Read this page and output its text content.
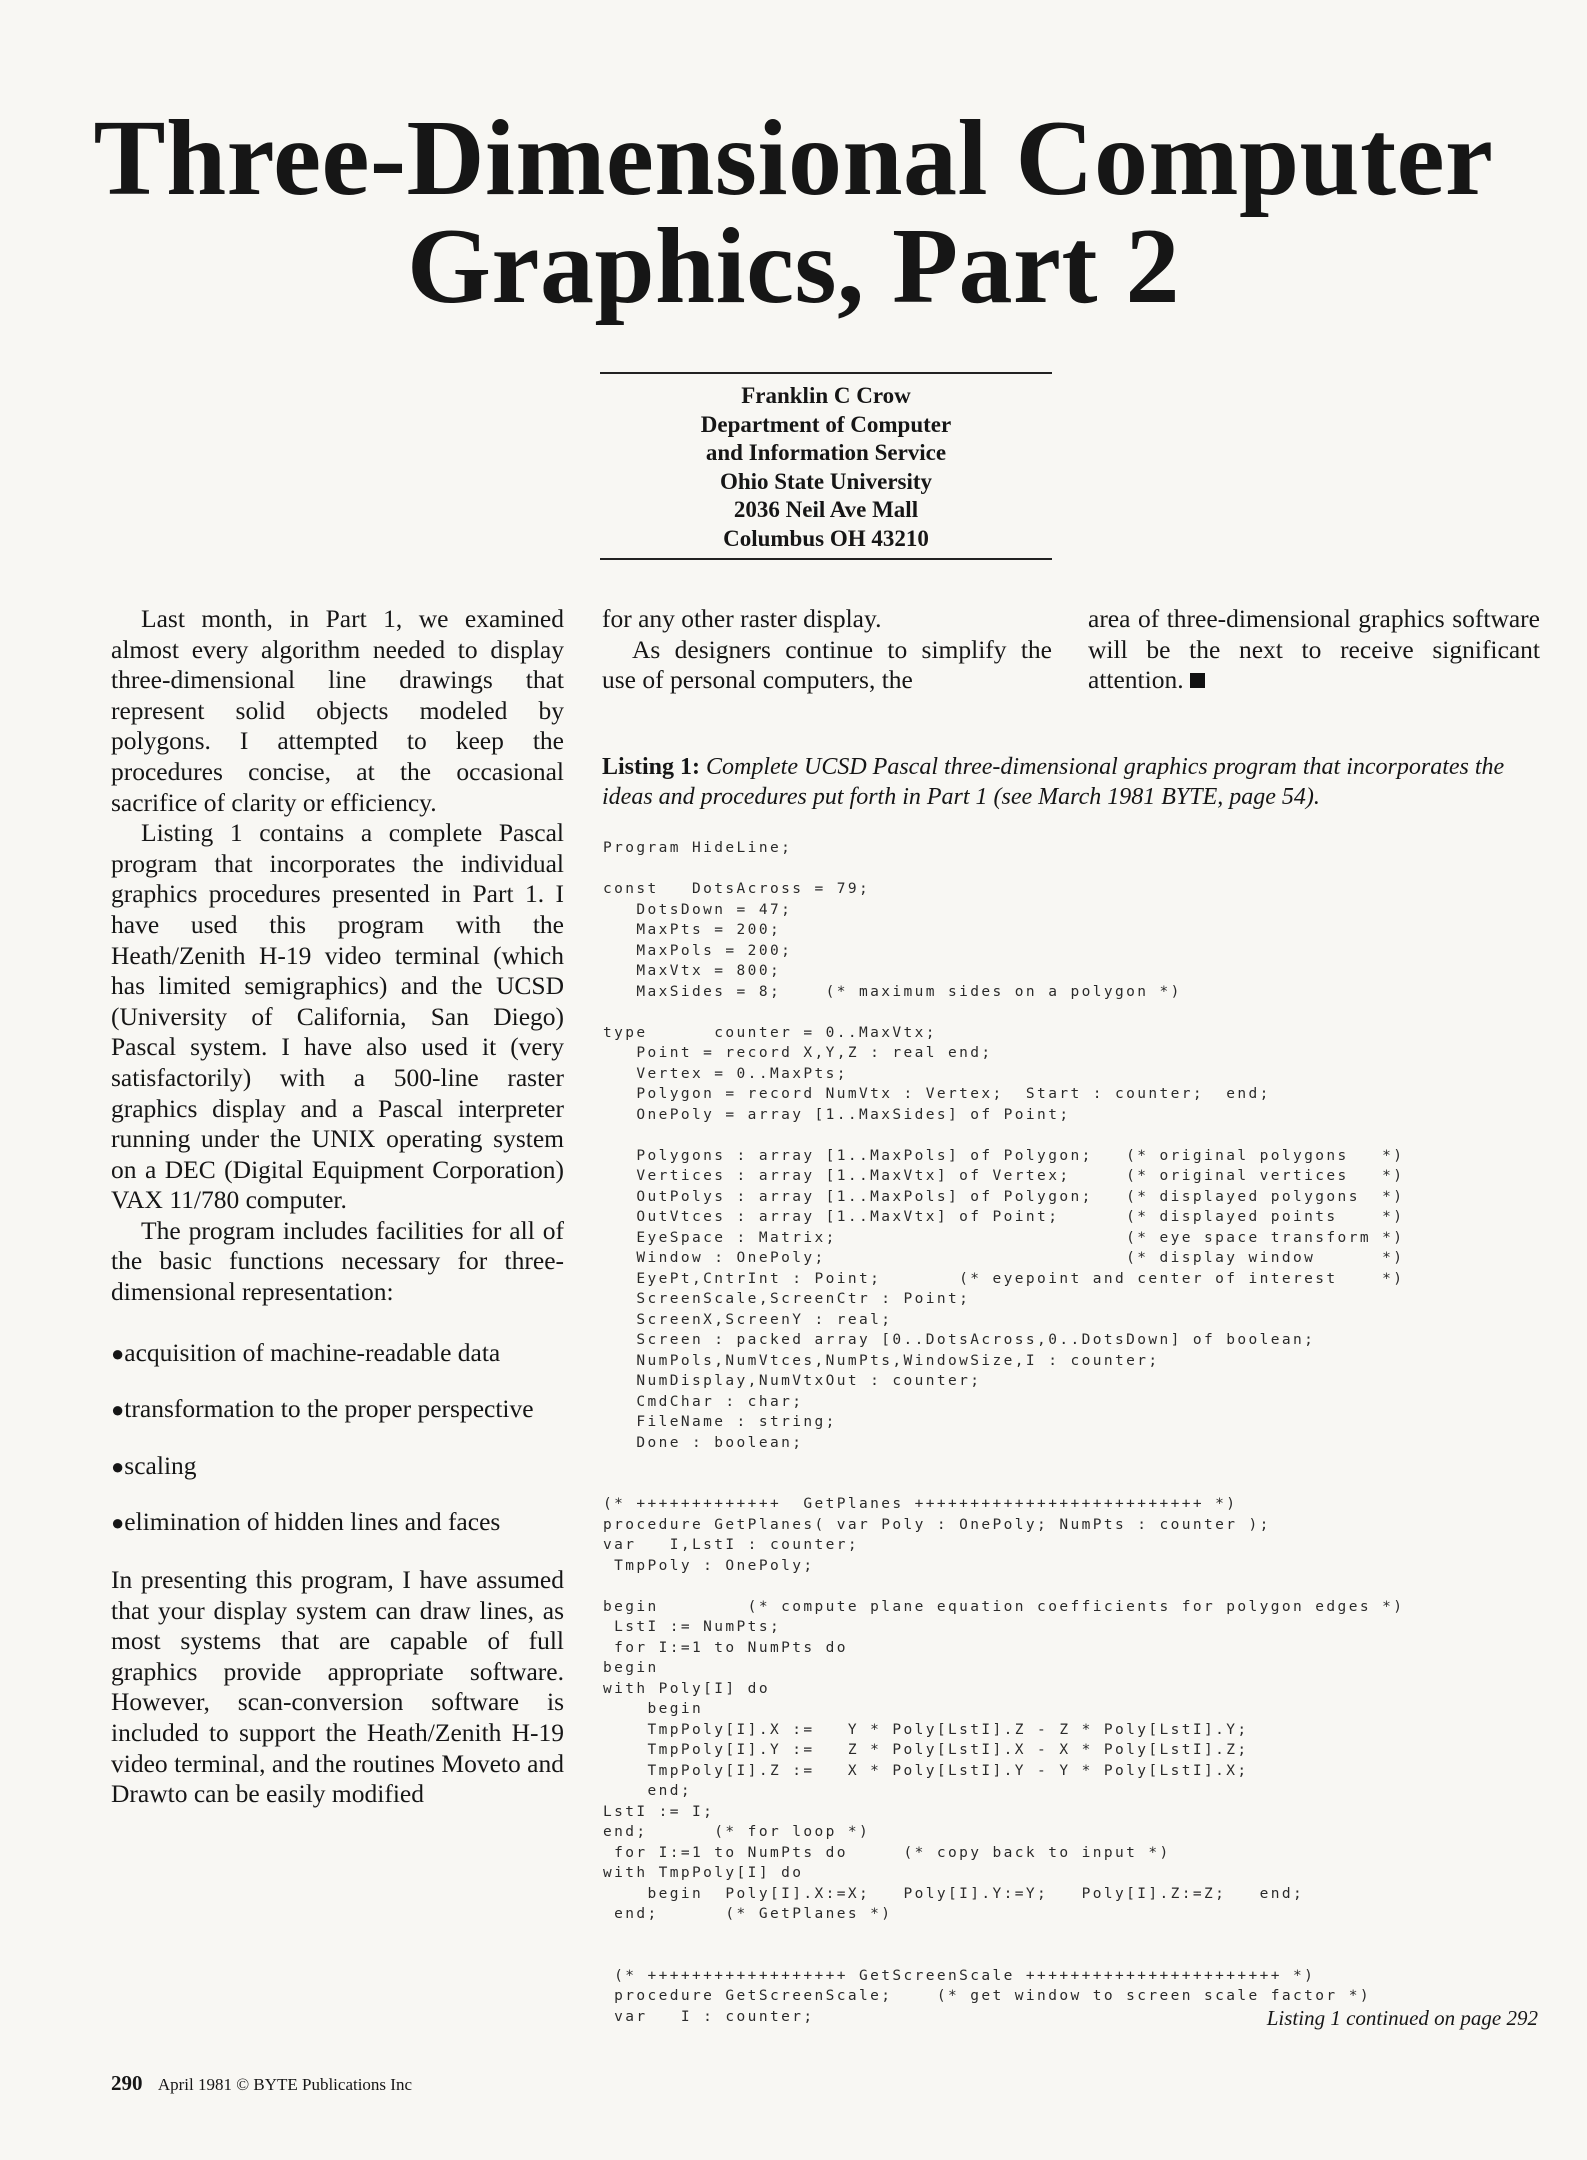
Three-Dimensional Computer
Graphics, Part 2
Franklin C Crow
Department of Computer
and Information Service
Ohio State University
2036 Neil Ave Mall
Columbus OH 43210

Last month, in Part 1, we examined almost every algorithm needed to display three-dimensional line drawings that represent solid objects modeled by polygons. I attempted to keep the procedures concise, at the occasional sacrifice of clarity or efficiency.

Listing 1 contains a complete Pascal program that incorporates the individual graphics procedures presented in Part 1. I have used this program with the Heath/Zenith H-19 video terminal (which has limited semigraphics) and the UCSD (University of California, San Diego) Pascal system. I have also used it (very satisfactorily) with a 500-line raster graphics display and a Pascal interpreter running under the UNIX operating system on a DEC (Digital Equipment Corporation) VAX 11/780 computer.

The program includes facilities for all of the basic functions necessary for three-dimensional representation:

●acquisition of machine-readable data
●transformation to the proper perspective
●scaling
●elimination of hidden lines and faces

In presenting this program, I have assumed that your display system can draw lines, as most systems that are capable of full graphics provide appropriate software. However, scan-conversion software is included to support the Heath/Zenith H-19 video terminal, and the routines Moveto and Drawto can be easily modified

for any other raster display.

As designers continue to simplify the use of personal computers, the

area of three-dimensional graphics software will be the next to receive significant attention.

Listing 1: Complete UCSD Pascal three-dimensional graphics program that incorporates the ideas and procedures put forth in Part 1 (see March 1981 BYTE, page 54).
Program HideLine;
const   DotsAcross = 79;
DotsDown = 47;
MaxPts = 200;
MaxPols = 200;
MaxVtx = 800;
MaxSides = 8;    (* maximum sides on a polygon *)
type      counter = 0..MaxVtx;
Point = record X,Y,Z : real end;
Vertex = 0..MaxPts;
Polygon = record NumVtx : Vertex;  Start : counter;  end;
OnePoly = array [1..MaxSides] of Point;
Polygons : array [1..MaxPols] of Polygon;   (* original polygons   *)
Vertices : array [1..MaxVtx] of Vertex;     (* original vertices   *)
OutPolys : array [1..MaxPols] of Polygon;   (* displayed polygons  *)
OutVtces : array [1..MaxVtx] of Point;      (* displayed points    *)
EyeSpace : Matrix;                          (* eye space transform *)
Window : OnePoly;                           (* display window      *)
EyePt,CntrInt : Point;       (* eyepoint and center of interest    *)
ScreenScale,ScreenCtr : Point;
ScreenX,ScreenY : real;
Screen : packed array [0..DotsAcross,0..DotsDown] of boolean;
NumPols,NumVtces,NumPts,WindowSize,I : counter;
NumDisplay,NumVtxOut : counter;
CmdChar : char;
FileName : string;
Done : boolean;
(* +++++++++++++  GetPlanes ++++++++++++++++++++++++++ *)
procedure GetPlanes( var Poly : OnePoly; NumPts : counter );
var   I,LstI : counter;
TmpPoly : OnePoly;
begin        (* compute plane equation coefficients for polygon edges *)
LstI := NumPts;
for I:=1 to NumPts do
begin
with Poly[I] do
begin
TmpPoly[I].X :=   Y * Poly[LstI].Z - Z * Poly[LstI].Y;
TmpPoly[I].Y :=   Z * Poly[LstI].X - X * Poly[LstI].Z;
TmpPoly[I].Z :=   X * Poly[LstI].Y - Y * Poly[LstI].X;
end;
LstI := I;
end;      (* for loop *)
for I:=1 to NumPts do     (* copy back to input *)
with TmpPoly[I] do
begin  Poly[I].X:=X;   Poly[I].Y:=Y;   Poly[I].Z:=Z;   end;
end;      (* GetPlanes *)
(* ++++++++++++++++++ GetScreenScale +++++++++++++++++++++++ *)
procedure GetScreenScale;    (* get window to screen scale factor *)
var   I : counter;	Listing 1 continued on page 292
290 April 1981 © BYTE Publications Inc
